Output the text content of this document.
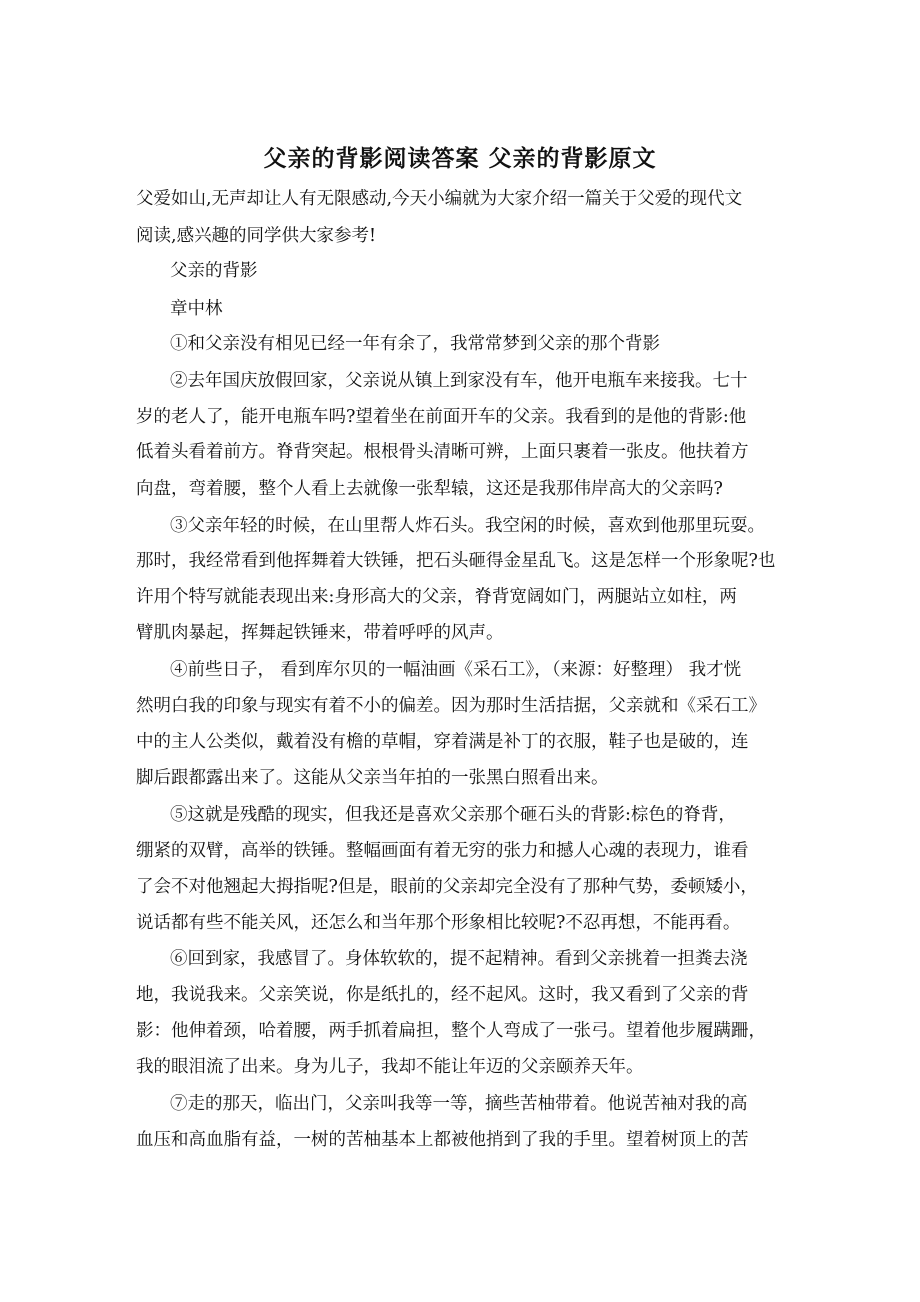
父亲的背影阅读答案 父亲的背影原文

父爱如山,无声却让人有无限感动,今天小编就为大家介绍一篇关于父爱的现代文

阅读,感兴趣的同学供大家参考!

父亲的背影

章中林

①和父亲没有相见已经一年有余了，我常常梦到父亲的那个背影

②去年国庆放假回家，父亲说从镇上到家没有车，他开电瓶车来接我。七十

岁的老人了，能开电瓶车吗?望着坐在前面开车的父亲。我看到的是他的背影:他

低着头看着前方。脊背突起。根根骨头清晰可辨，上面只裹着一张皮。他扶着方

向盘，弯着腰，整个人看上去就像一张犁辕，这还是我那伟岸高大的父亲吗?

③父亲年轻的时候，在山里帮人炸石头。我空闲的时候，喜欢到他那里玩耍。

那时，我经常看到他挥舞着大铁锤，把石头砸得金星乱飞。这是怎样一个形象呢?也

许用个特写就能表现出来:身形高大的父亲，脊背宽阔如门，两腿站立如柱，两

臂肌肉暴起，挥舞起铁锤来，带着呼呼的风声。

④前些日子， 看到库尔贝的一幅油画《采石工》，（来源：好整理） 我才恍

然明白我的印象与现实有着不小的偏差。因为那时生活拮据，父亲就和《采石工》

中的主人公类似，戴着没有檐的草帽，穿着满是补丁的衣服，鞋子也是破的，连

脚后跟都露出来了。这能从父亲当年拍的一张黑白照看出来。

⑤这就是残酷的现实，但我还是喜欢父亲那个砸石头的背影:棕色的脊背，

绷紧的双臂，高举的铁锤。整幅画面有着无穷的张力和撼人心魂的表现力，谁看

了会不对他翘起大拇指呢?但是，眼前的父亲却完全没有了那种气势，委顿矮小，

说话都有些不能关风，还怎么和当年那个形象相比较呢?不忍再想，不能再看。

⑥回到家，我感冒了。身体软软的，提不起精神。看到父亲挑着一担粪去浇

地，我说我来。父亲笑说，你是纸扎的，经不起风。这时，我又看到了父亲的背

影：他伸着颈，哈着腰，两手抓着扁担，整个人弯成了一张弓。望着他步履蹒跚，

我的眼泪流了出来。身为儿子，我却不能让年迈的父亲颐养天年。

⑦走的那天，临出门，父亲叫我等一等，摘些苦柚带着。他说苦袖对我的高

血压和高血脂有益，一树的苦柚基本上都被他捎到了我的手里。望着树顶上的苦
